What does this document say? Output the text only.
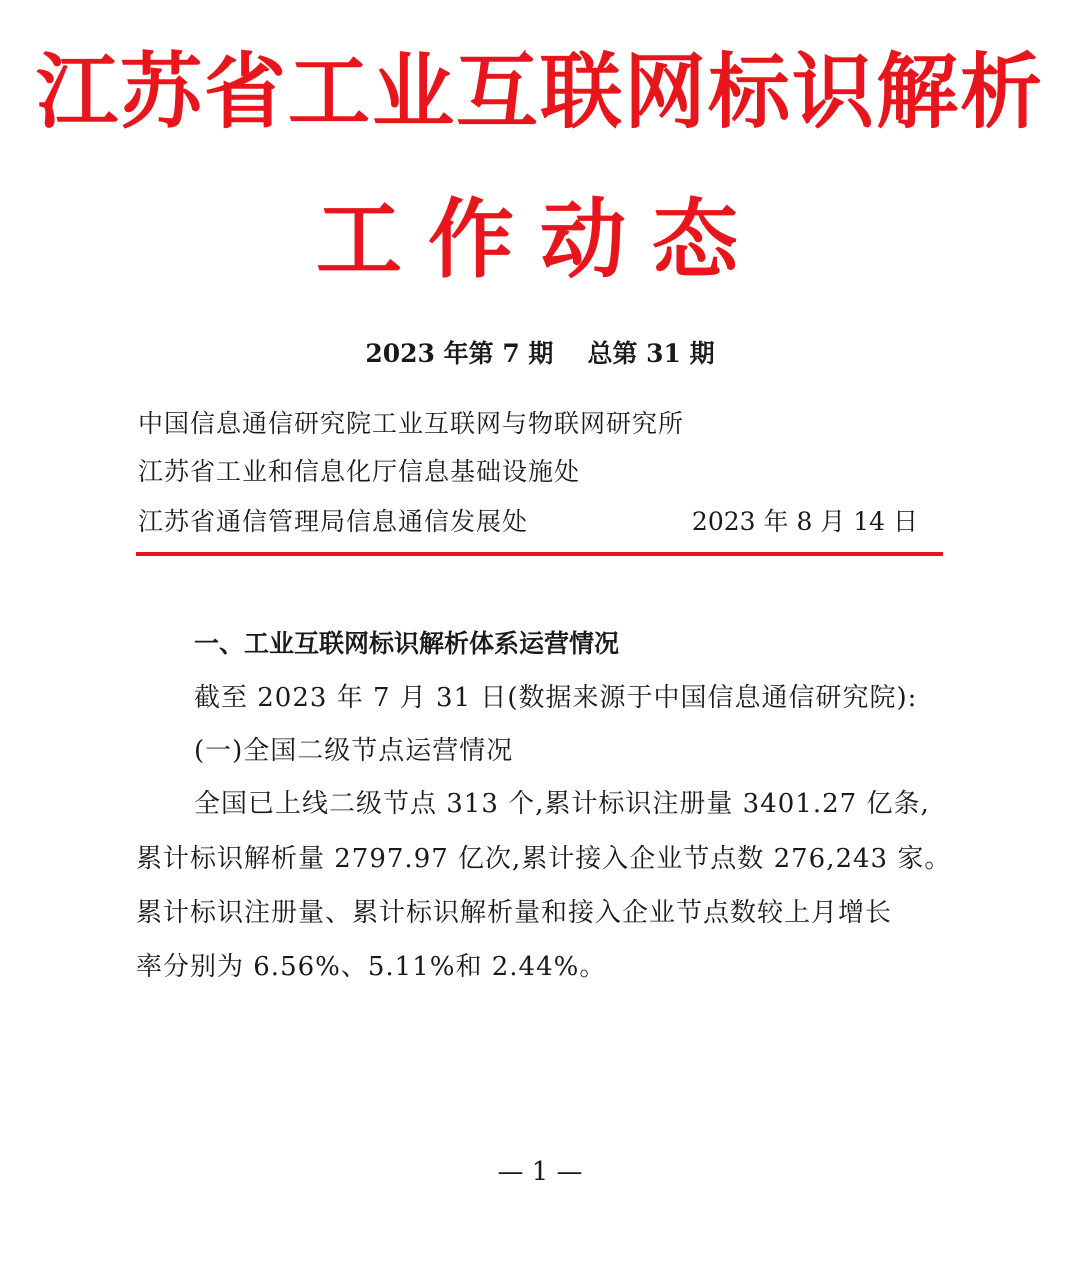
江苏省工业互联网标识解析
工作动态
2023 年第 7 期 总第 31 期
中国信息通信研究院工业互联网与物联网研究所
江苏省工业和信息化厅信息基础设施处
江苏省通信管理局信息通信发展处	2023 年 8 月 14 日
一、工业互联网标识解析体系运营情况
截至 2023 年 7 月 31 日(数据来源于中国信息通信研究院):
(一)全国二级节点运营情况
全国已上线二级节点 313 个,累计标识注册量 3401.27 亿条,
累计标识解析量 2797.97 亿次,累计接入企业节点数 276,243 家。
累计标识注册量、累计标识解析量和接入企业节点数较上月增长
率分别为 6.56%、5.11%和 2.44%。
— 1 —
